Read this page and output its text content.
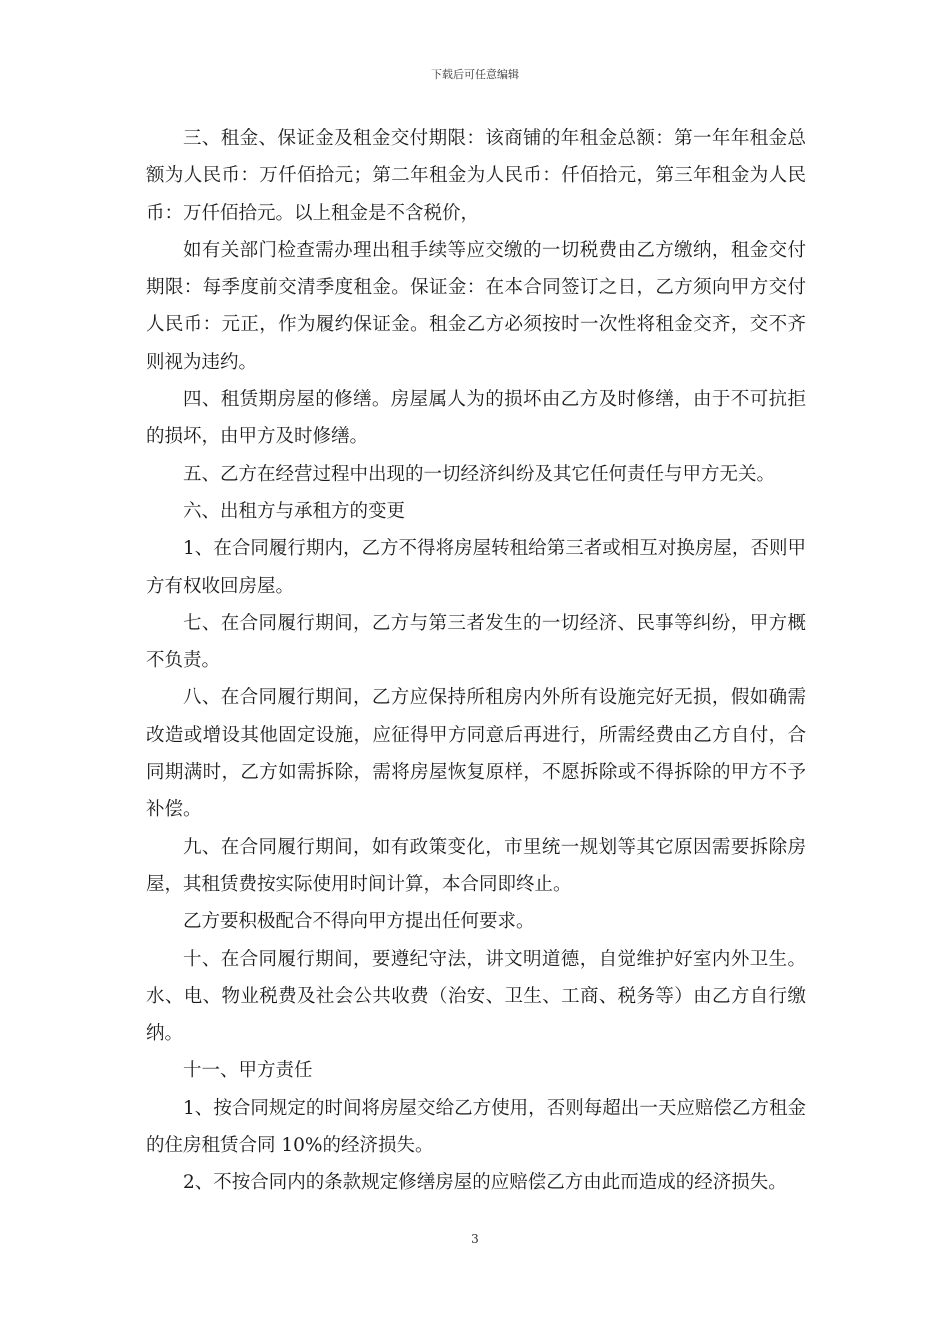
下载后可任意编辑

三、租金、保证金及租金交付期限：该商铺的年租金总额：第一年年租金总额为人民币：万仟佰拾元；第二年租金为人民币：仟佰拾元，第三年租金为人民币：万仟佰拾元。以上租金是不含税价，

如有关部门检查需办理出租手续等应交缴的一切税费由乙方缴纳，租金交付期限：每季度前交清季度租金。保证金：在本合同签订之日，乙方须向甲方交付人民币：元正，作为履约保证金。租金乙方必须按时一次性将租金交齐，交不齐则视为违约。

四、租赁期房屋的修缮。房屋属人为的损坏由乙方及时修缮，由于不可抗拒的损坏，由甲方及时修缮。

五、乙方在经营过程中出现的一切经济纠纷及其它任何责任与甲方无关。

六、出租方与承租方的变更

1、在合同履行期内，乙方不得将房屋转租给第三者或相互对换房屋，否则甲方有权收回房屋。

七、在合同履行期间，乙方与第三者发生的一切经济、民事等纠纷，甲方概不负责。

八、在合同履行期间，乙方应保持所租房内外所有设施完好无损，假如确需改造或增设其他固定设施，应征得甲方同意后再进行，所需经费由乙方自付，合同期满时，乙方如需拆除，需将房屋恢复原样，不愿拆除或不得拆除的甲方不予补偿。

九、在合同履行期间，如有政策变化，市里统一规划等其它原因需要拆除房屋，其租赁费按实际使用时间计算，本合同即终止。

乙方要积极配合不得向甲方提出任何要求。

十、在合同履行期间，要遵纪守法，讲文明道德，自觉维护好室内外卫生。水、电、物业税费及社会公共收费（治安、卫生、工商、税务等）由乙方自行缴纳。

十一、甲方责任

1、按合同规定的时间将房屋交给乙方使用，否则每超出一天应赔偿乙方租金的住房租赁合同 10%的经济损失。

2、不按合同内的条款规定修缮房屋的应赔偿乙方由此而造成的经济损失。

3
